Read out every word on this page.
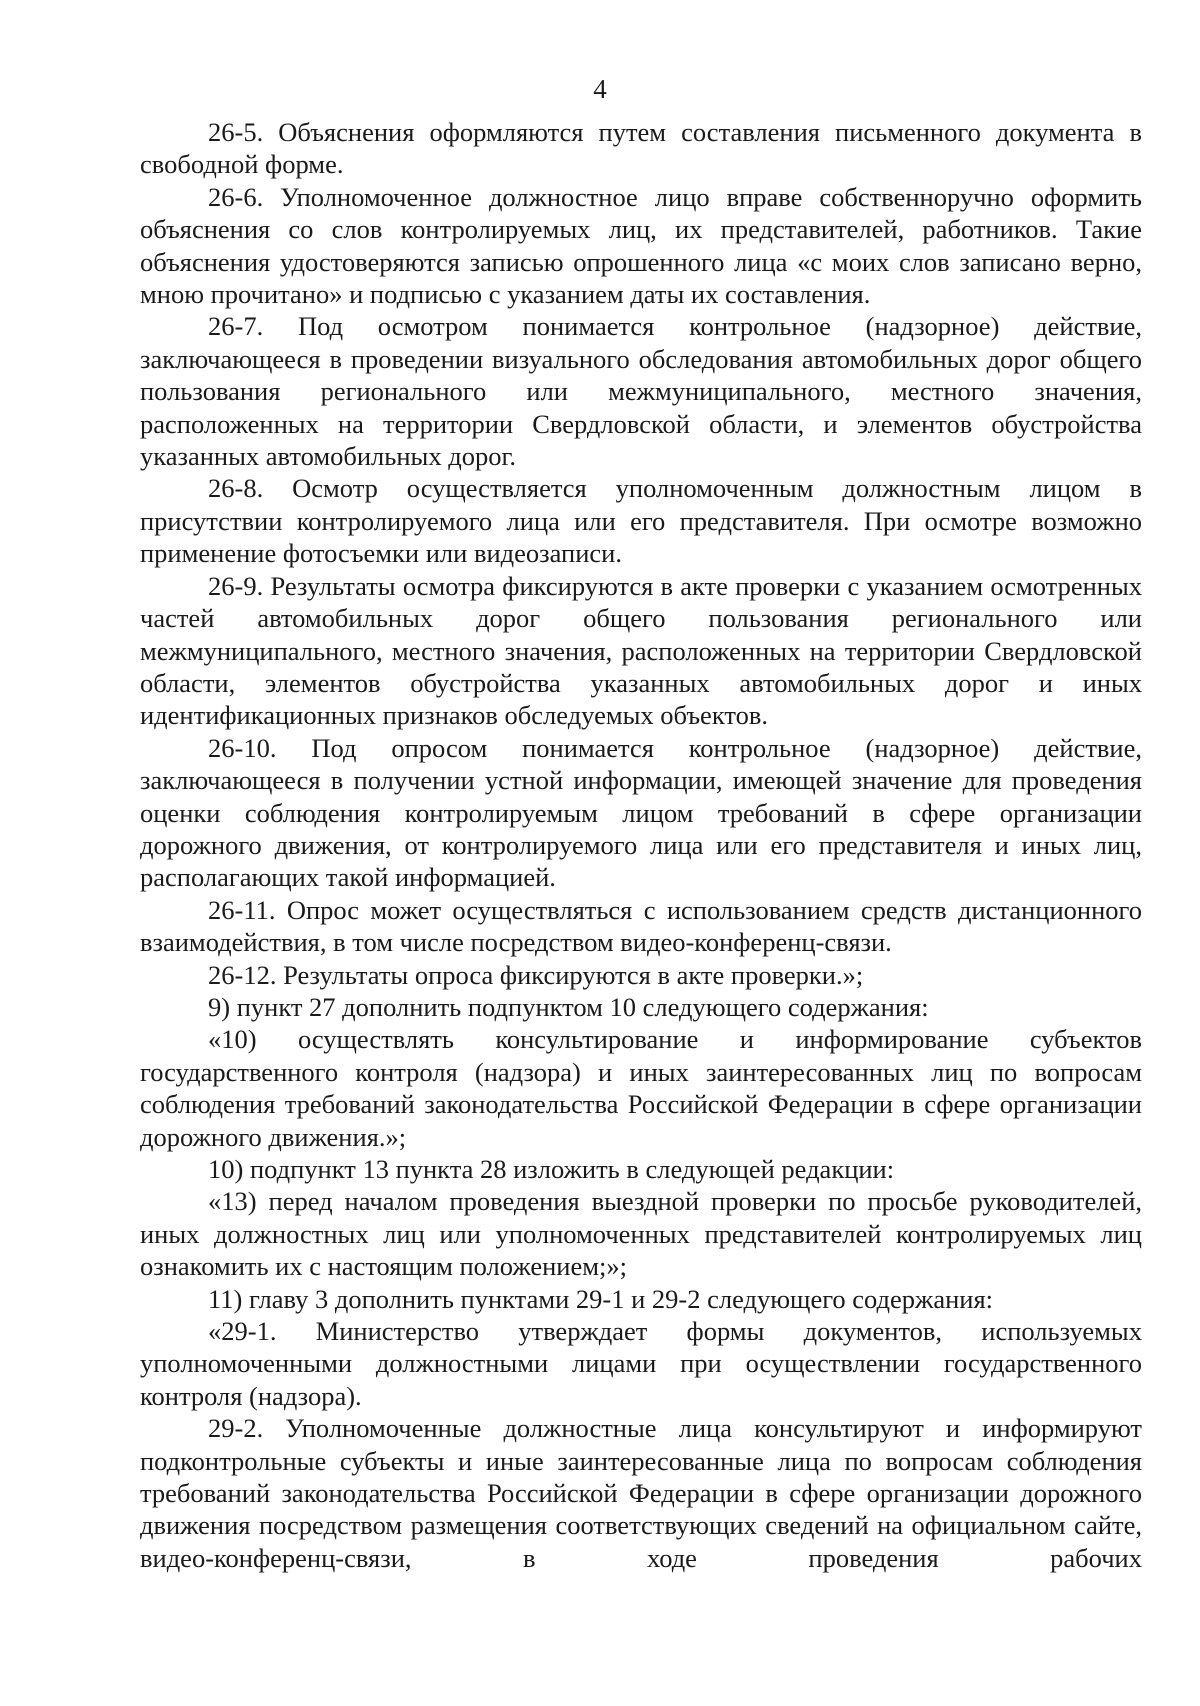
4

26-5. Объяснения оформляются путем составления письменного документа в свободной форме.

26-6. Уполномоченное должностное лицо вправе собственноручно оформить объяснения со слов контролируемых лиц, их представителей, работников. Такие объяснения удостоверяются записью опрошенного лица «с моих слов записано верно, мною прочитано» и подписью с указанием даты их составления.

26-7. Под осмотром понимается контрольное (надзорное) действие, заключающееся в проведении визуального обследования автомобильных дорог общего пользования регионального или межмуниципального, местного значения, расположенных на территории Свердловской области, и элементов обустройства указанных автомобильных дорог.

26-8. Осмотр осуществляется уполномоченным должностным лицом в присутствии контролируемого лица или его представителя. При осмотре возможно применение фотосъемки или видеозаписи.

26-9. Результаты осмотра фиксируются в акте проверки с указанием осмотренных частей автомобильных дорог общего пользования регионального или межмуниципального, местного значения, расположенных на территории Свердловской области, элементов обустройства указанных автомобильных дорог и иных идентификационных признаков обследуемых объектов.

26-10. Под опросом понимается контрольное (надзорное) действие, заключающееся в получении устной информации, имеющей значение для проведения оценки соблюдения контролируемым лицом требований в сфере организации дорожного движения, от контролируемого лица или его представителя и иных лиц, располагающих такой информацией.

26-11. Опрос может осуществляться с использованием средств дистанционного взаимодействия, в том числе посредством видео-конференц-связи.

26-12. Результаты опроса фиксируются в акте проверки.»;

9) пункт 27 дополнить подпунктом 10 следующего содержания:

«10) осуществлять консультирование и информирование субъектов государственного контроля (надзора) и иных заинтересованных лиц по вопросам соблюдения требований законодательства Российской Федерации в сфере организации дорожного движения.»;

10) подпункт 13 пункта 28 изложить в следующей редакции:

«13) перед началом проведения выездной проверки по просьбе руководителей, иных должностных лиц или уполномоченных представителей контролируемых лиц ознакомить их с настоящим положением;»;

11) главу 3 дополнить пунктами 29-1 и 29-2 следующего содержания:

«29-1. Министерство утверждает формы документов, используемых уполномоченными должностными лицами при осуществлении государственного контроля (надзора).

29-2. Уполномоченные должностные лица консультируют и информируют подконтрольные субъекты и иные заинтересованные лица по вопросам соблюдения требований законодательства Российской Федерации в сфере организации дорожного движения посредством размещения соответствующих сведений на официальном сайте, видео-конференц-связи, в ходе проведения рабочих
